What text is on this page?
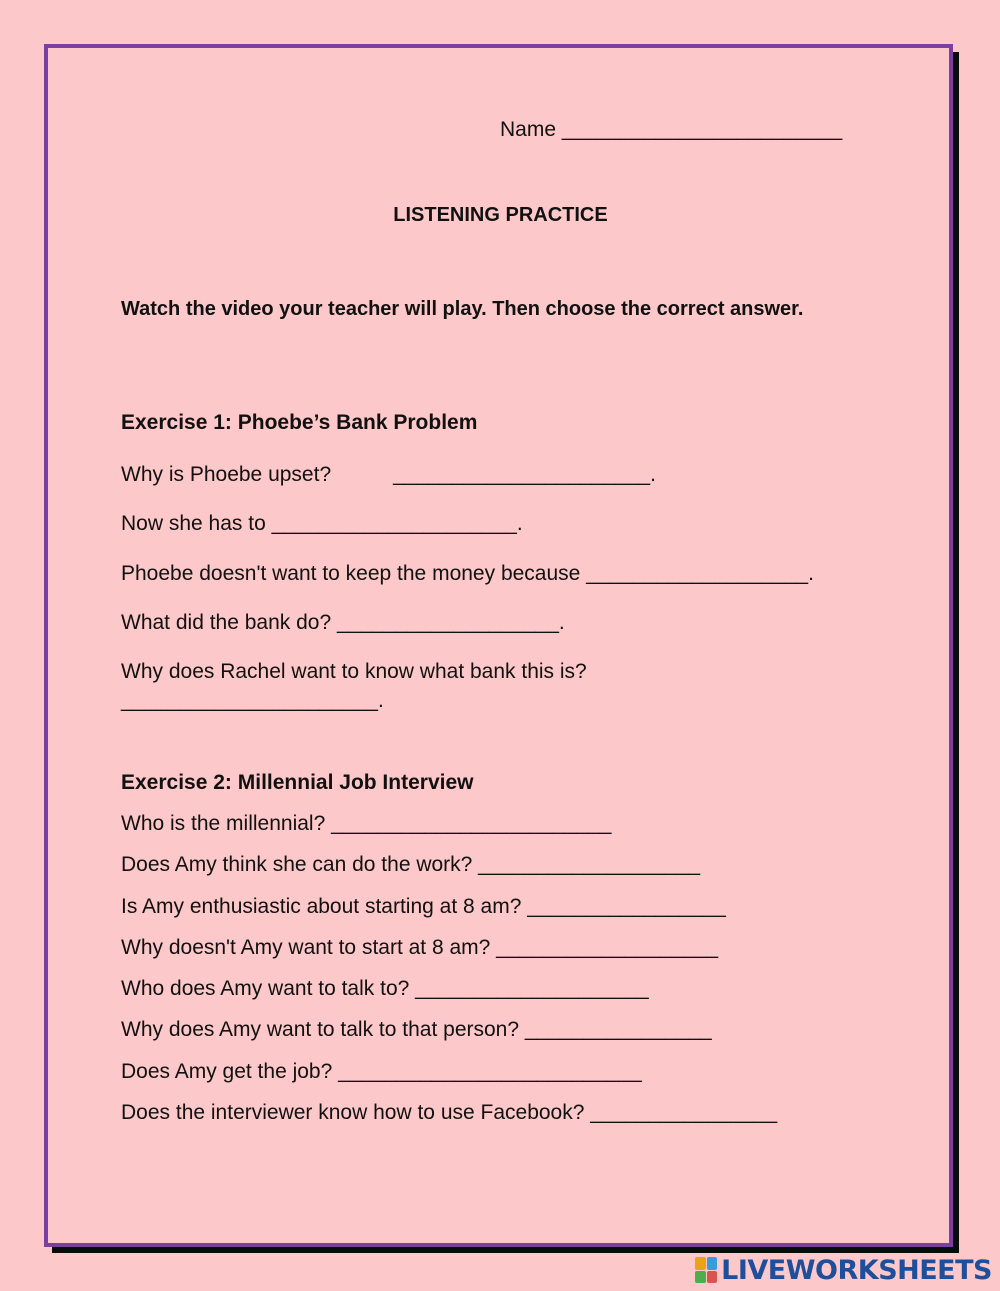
Name ________________________
LISTENING PRACTICE
Watch the video your teacher will play. Then choose the correct answer.
Exercise 1: Phoebe’s Bank Problem
Why is Phoebe upset?	______________________.
Now she has to _____________________.
Phoebe doesn't want to keep the money because ___________________.
What did the bank do? ___________________.
Why does Rachel want to know what bank this is?
______________________.
Exercise 2: Millennial Job Interview
Who is the millennial? ________________________
Does Amy think she can do the work? ___________________
Is Amy enthusiastic about starting at 8 am? _________________
Why doesn't Amy want to start at 8 am? ___________________
Who does Amy want to talk to? ____________________
Why does Amy want to talk to that person? ________________
Does Amy get the job? __________________________
Does the interviewer know how to use Facebook? ________________
LIVEWORKSHEETS
